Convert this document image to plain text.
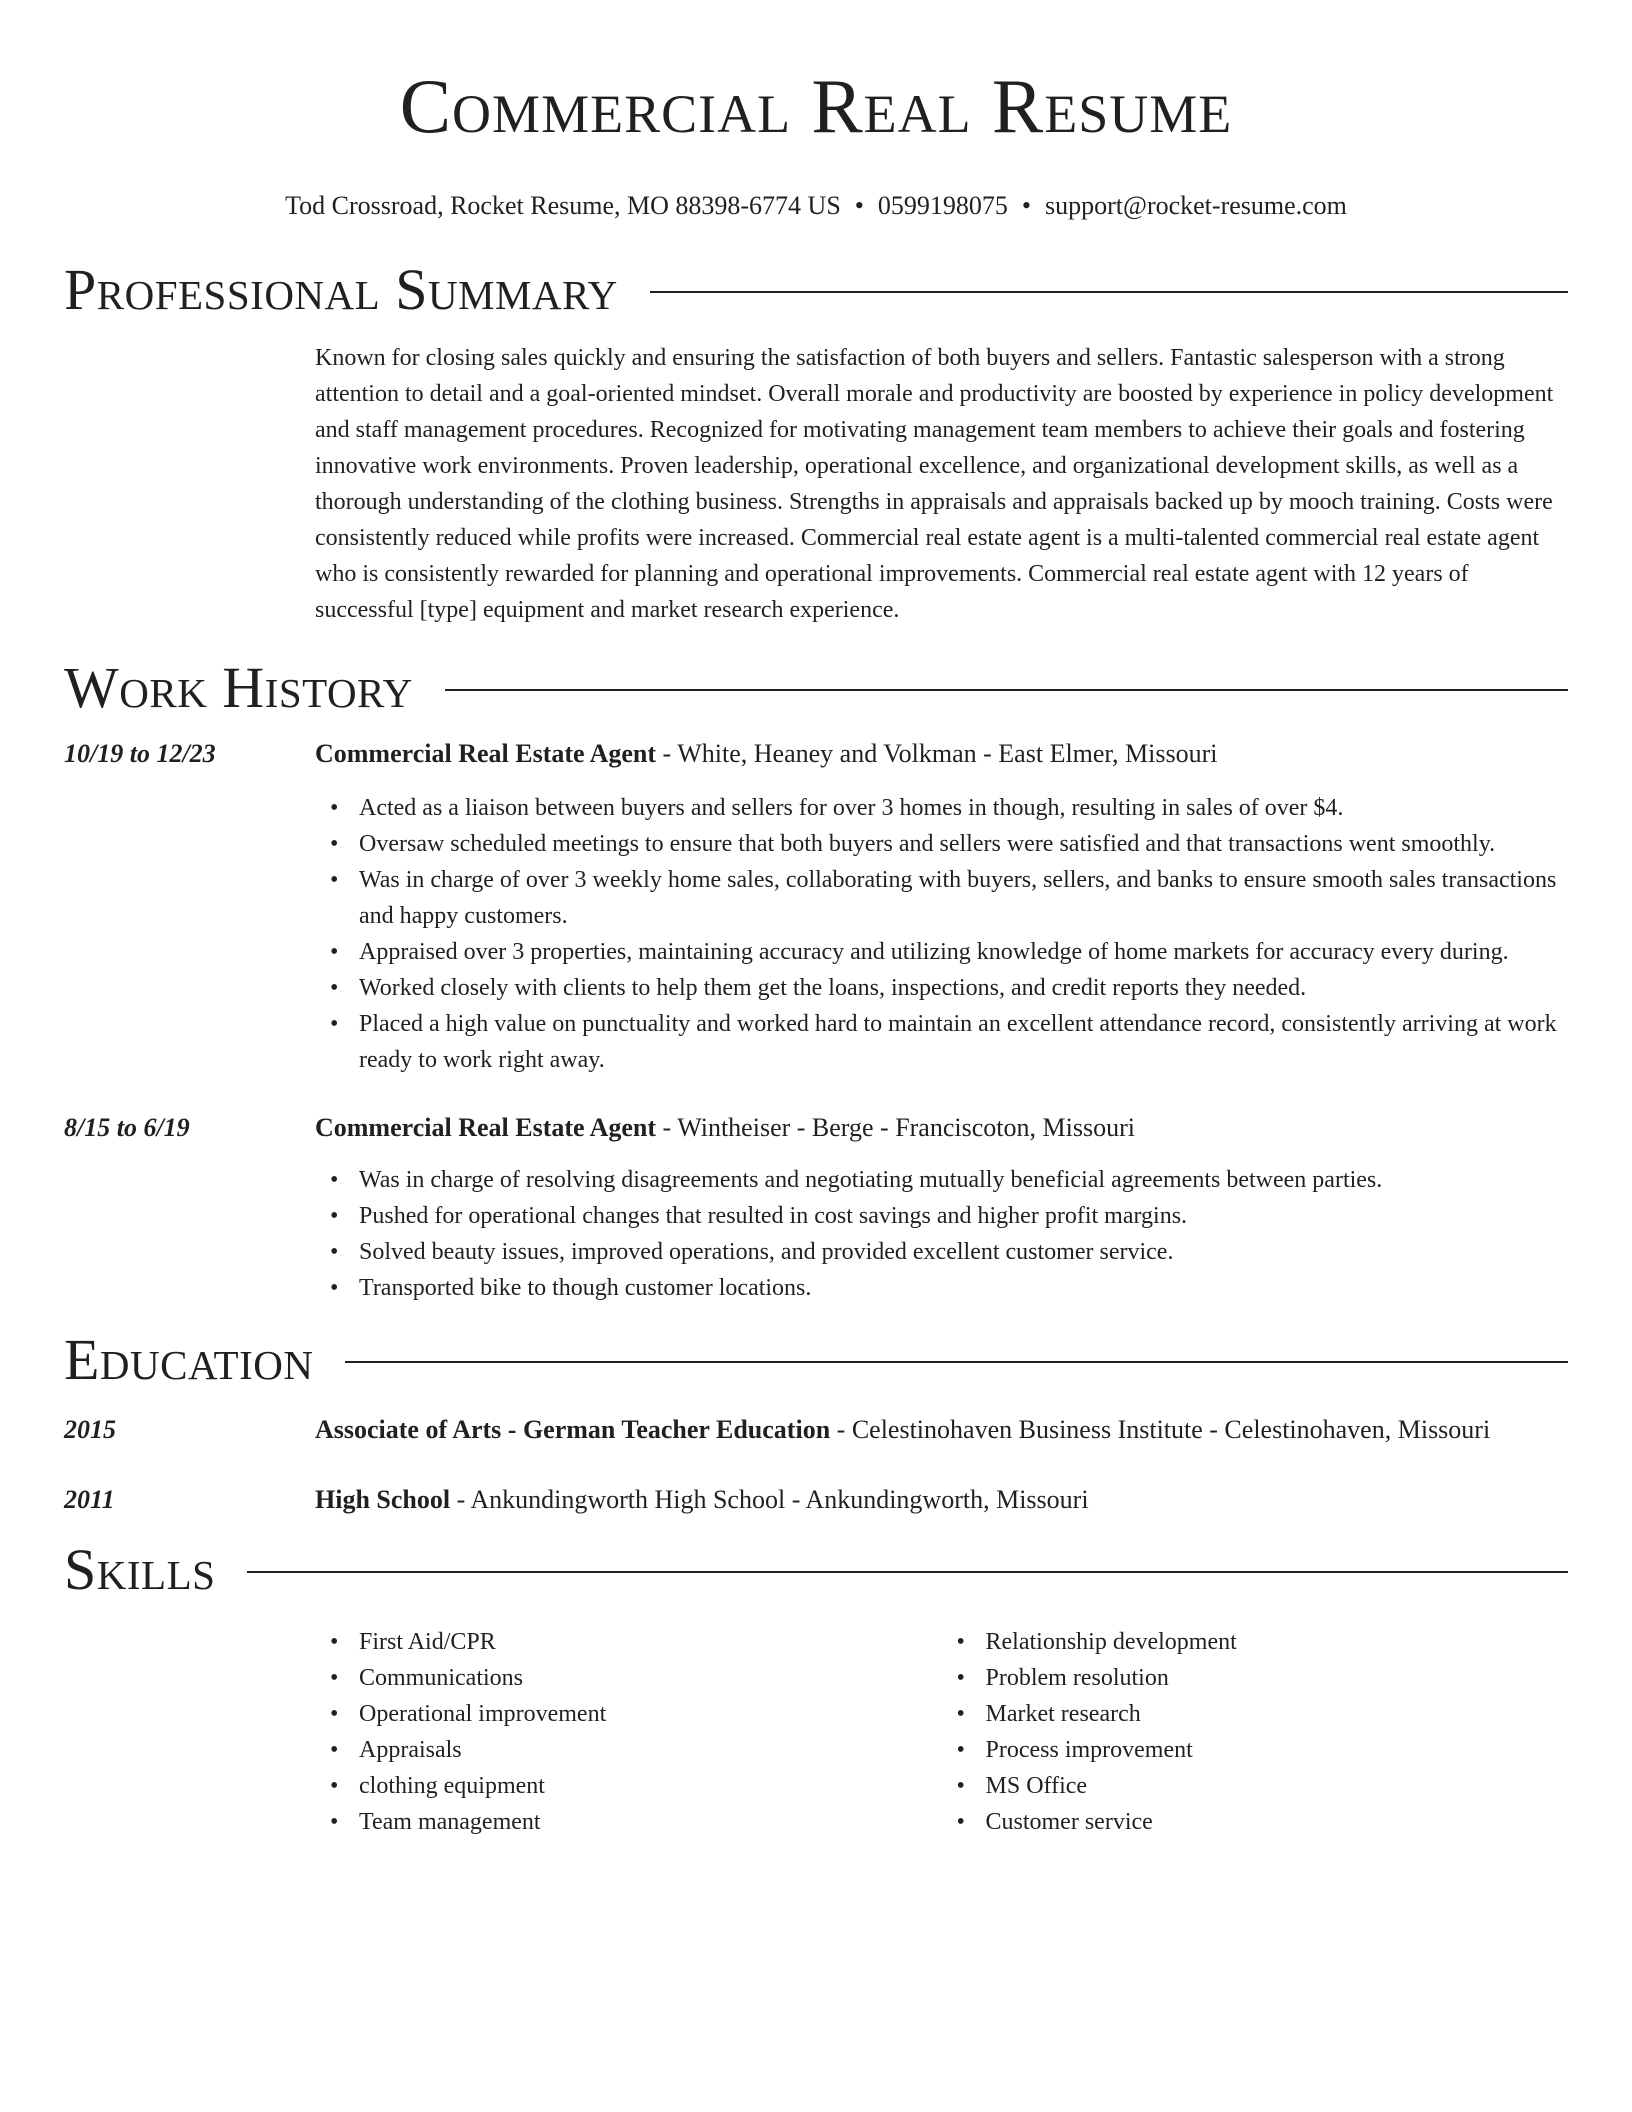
Commercial Real Resume
Tod Crossroad, Rocket Resume, MO 88398-6774 US • 0599198075 • support@rocket-resume.com
Professional Summary
Known for closing sales quickly and ensuring the satisfaction of both buyers and sellers. Fantastic salesperson with a strong attention to detail and a goal-oriented mindset. Overall morale and productivity are boosted by experience in policy development and staff management procedures. Recognized for motivating management team members to achieve their goals and fostering innovative work environments. Proven leadership, operational excellence, and organizational development skills, as well as a thorough understanding of the clothing business. Strengths in appraisals and appraisals backed up by mooch training. Costs were consistently reduced while profits were increased. Commercial real estate agent is a multi-talented commercial real estate agent who is consistently rewarded for planning and operational improvements. Commercial real estate agent with 12 years of successful [type] equipment and market research experience.
Work History
10/19 to 12/23	Commercial Real Estate Agent - White, Heaney and Volkman - East Elmer, Missouri
• Acted as a liaison between buyers and sellers for over 3 homes in though, resulting in sales of over $4.
• Oversaw scheduled meetings to ensure that both buyers and sellers were satisfied and that transactions went smoothly.
• Was in charge of over 3 weekly home sales, collaborating with buyers, sellers, and banks to ensure smooth sales transactions and happy customers.
• Appraised over 3 properties, maintaining accuracy and utilizing knowledge of home markets for accuracy every during.
• Worked closely with clients to help them get the loans, inspections, and credit reports they needed.
• Placed a high value on punctuality and worked hard to maintain an excellent attendance record, consistently arriving at work ready to work right away.
8/15 to 6/19	Commercial Real Estate Agent - Wintheiser - Berge - Franciscoton, Missouri
• Was in charge of resolving disagreements and negotiating mutually beneficial agreements between parties.
• Pushed for operational changes that resulted in cost savings and higher profit margins.
• Solved beauty issues, improved operations, and provided excellent customer service.
• Transported bike to though customer locations.
Education
2015	Associate of Arts - German Teacher Education - Celestinohaven Business Institute - Celestinohaven, Missouri
2011	High School - Ankundingworth High School - Ankundingworth, Missouri
Skills
• First Aid/CPR
• Communications
• Operational improvement
• Appraisals
• clothing equipment
• Team management
• Relationship development
• Problem resolution
• Market research
• Process improvement
• MS Office
• Customer service
